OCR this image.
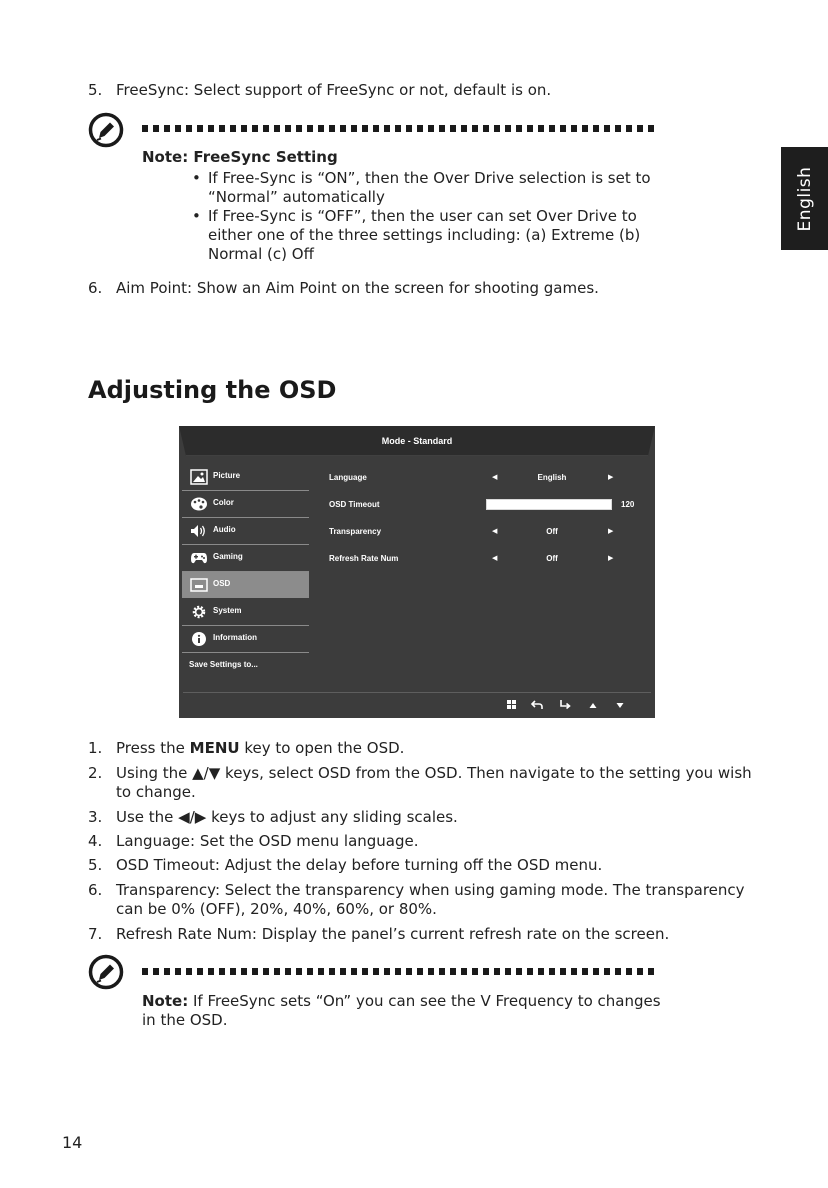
English
5. FreeSync: Select support of FreeSync or not, default is on.
Note: FreeSync Setting
• If Free-Sync is “ON”, then the Over Drive selection is set to
“Normal” automatically
• If Free-Sync is “OFF”, then the user can set Over Drive to
either one of the three settings including: (a) Extreme (b)
Normal (c) Off
6. Aim Point: Show an Aim Point on the screen for shooting games.
Adjusting the OSD
Mode - Standard
Picture
Color
Audio
Gaming
OSD
System
Information
Save Settings to...
Language	◀	English	▶
OSD Timeout	120
Transparency	◀	Off	▶
Refresh Rate Num	◀	Off	▶
1. Press the MENU key to open the OSD.
2. Using the ▲/▼ keys, select OSD from the OSD. Then navigate to the setting you wish
to change.
3. Use the ◀/▶ keys to adjust any sliding scales.
4. Language: Set the OSD menu language.
5. OSD Timeout: Adjust the delay before turning off the OSD menu.
6. Transparency: Select the transparency when using gaming mode. The transparency
can be 0% (OFF), 20%, 40%, 60%, or 80%.
7. Refresh Rate Num: Display the panel’s current refresh rate on the screen.
Note: If FreeSync sets “On” you can see the V Frequency to changes
in the OSD.
14
